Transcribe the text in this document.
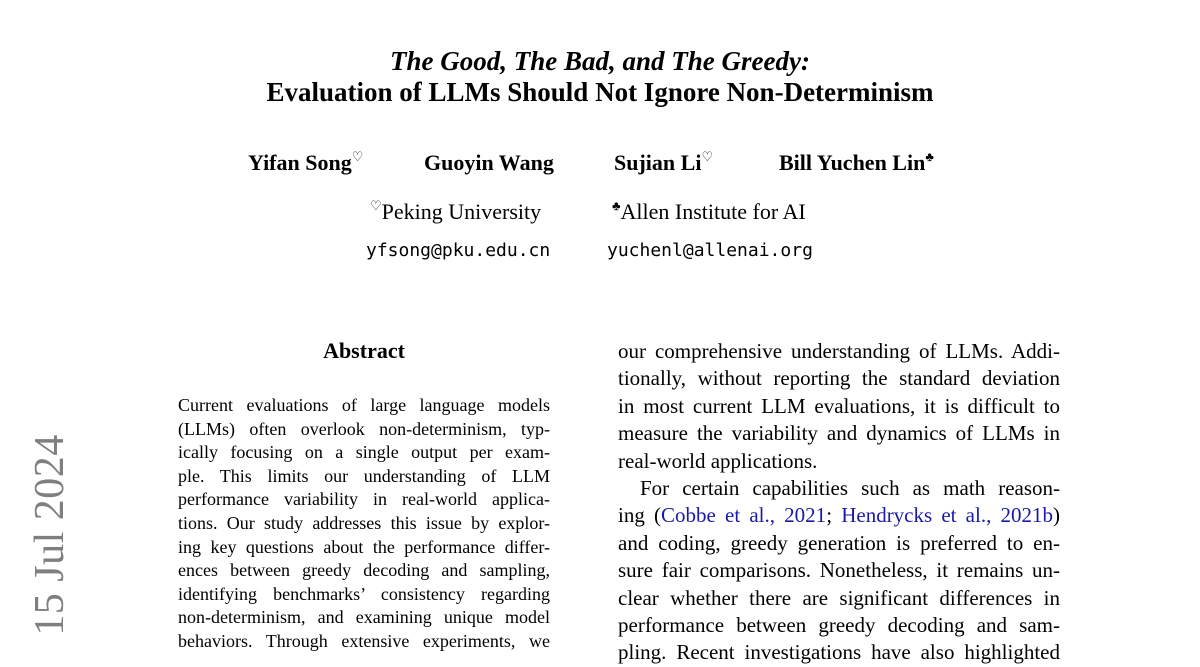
15 Jul 2024
The Good, The Bad, and The Greedy:
Evaluation of LLMs Should Not Ignore Non-Determinism
Yifan Song♡	Guoyin Wang	Sujian Li♡	Bill Yuchen Lin♣
♡Peking University	♣Allen Institute for AI
yfsong@pku.edu.cn	yuchenl@allenai.org
Abstract
Current evaluations of large language models
(LLMs) often overlook non-determinism, typ-
ically focusing on a single output per exam-
ple. This limits our understanding of LLM
performance variability in real-world applica-
tions. Our study addresses this issue by explor-
ing key questions about the performance differ-
ences between greedy decoding and sampling,
identifying benchmarks’ consistency regarding
non-determinism, and examining unique model
behaviors. Through extensive experiments, we
our comprehensive understanding of LLMs. Addi-
tionally, without reporting the standard deviation
in most current LLM evaluations, it is difficult to
measure the variability and dynamics of LLMs in
real-world applications.
For certain capabilities such as math reason-
ing (Cobbe et al., 2021; Hendrycks et al., 2021b)
and coding, greedy generation is preferred to en-
sure fair comparisons. Nonetheless, it remains un-
clear whether there are significant differences in
performance between greedy decoding and sam-
pling. Recent investigations have also highlighted
